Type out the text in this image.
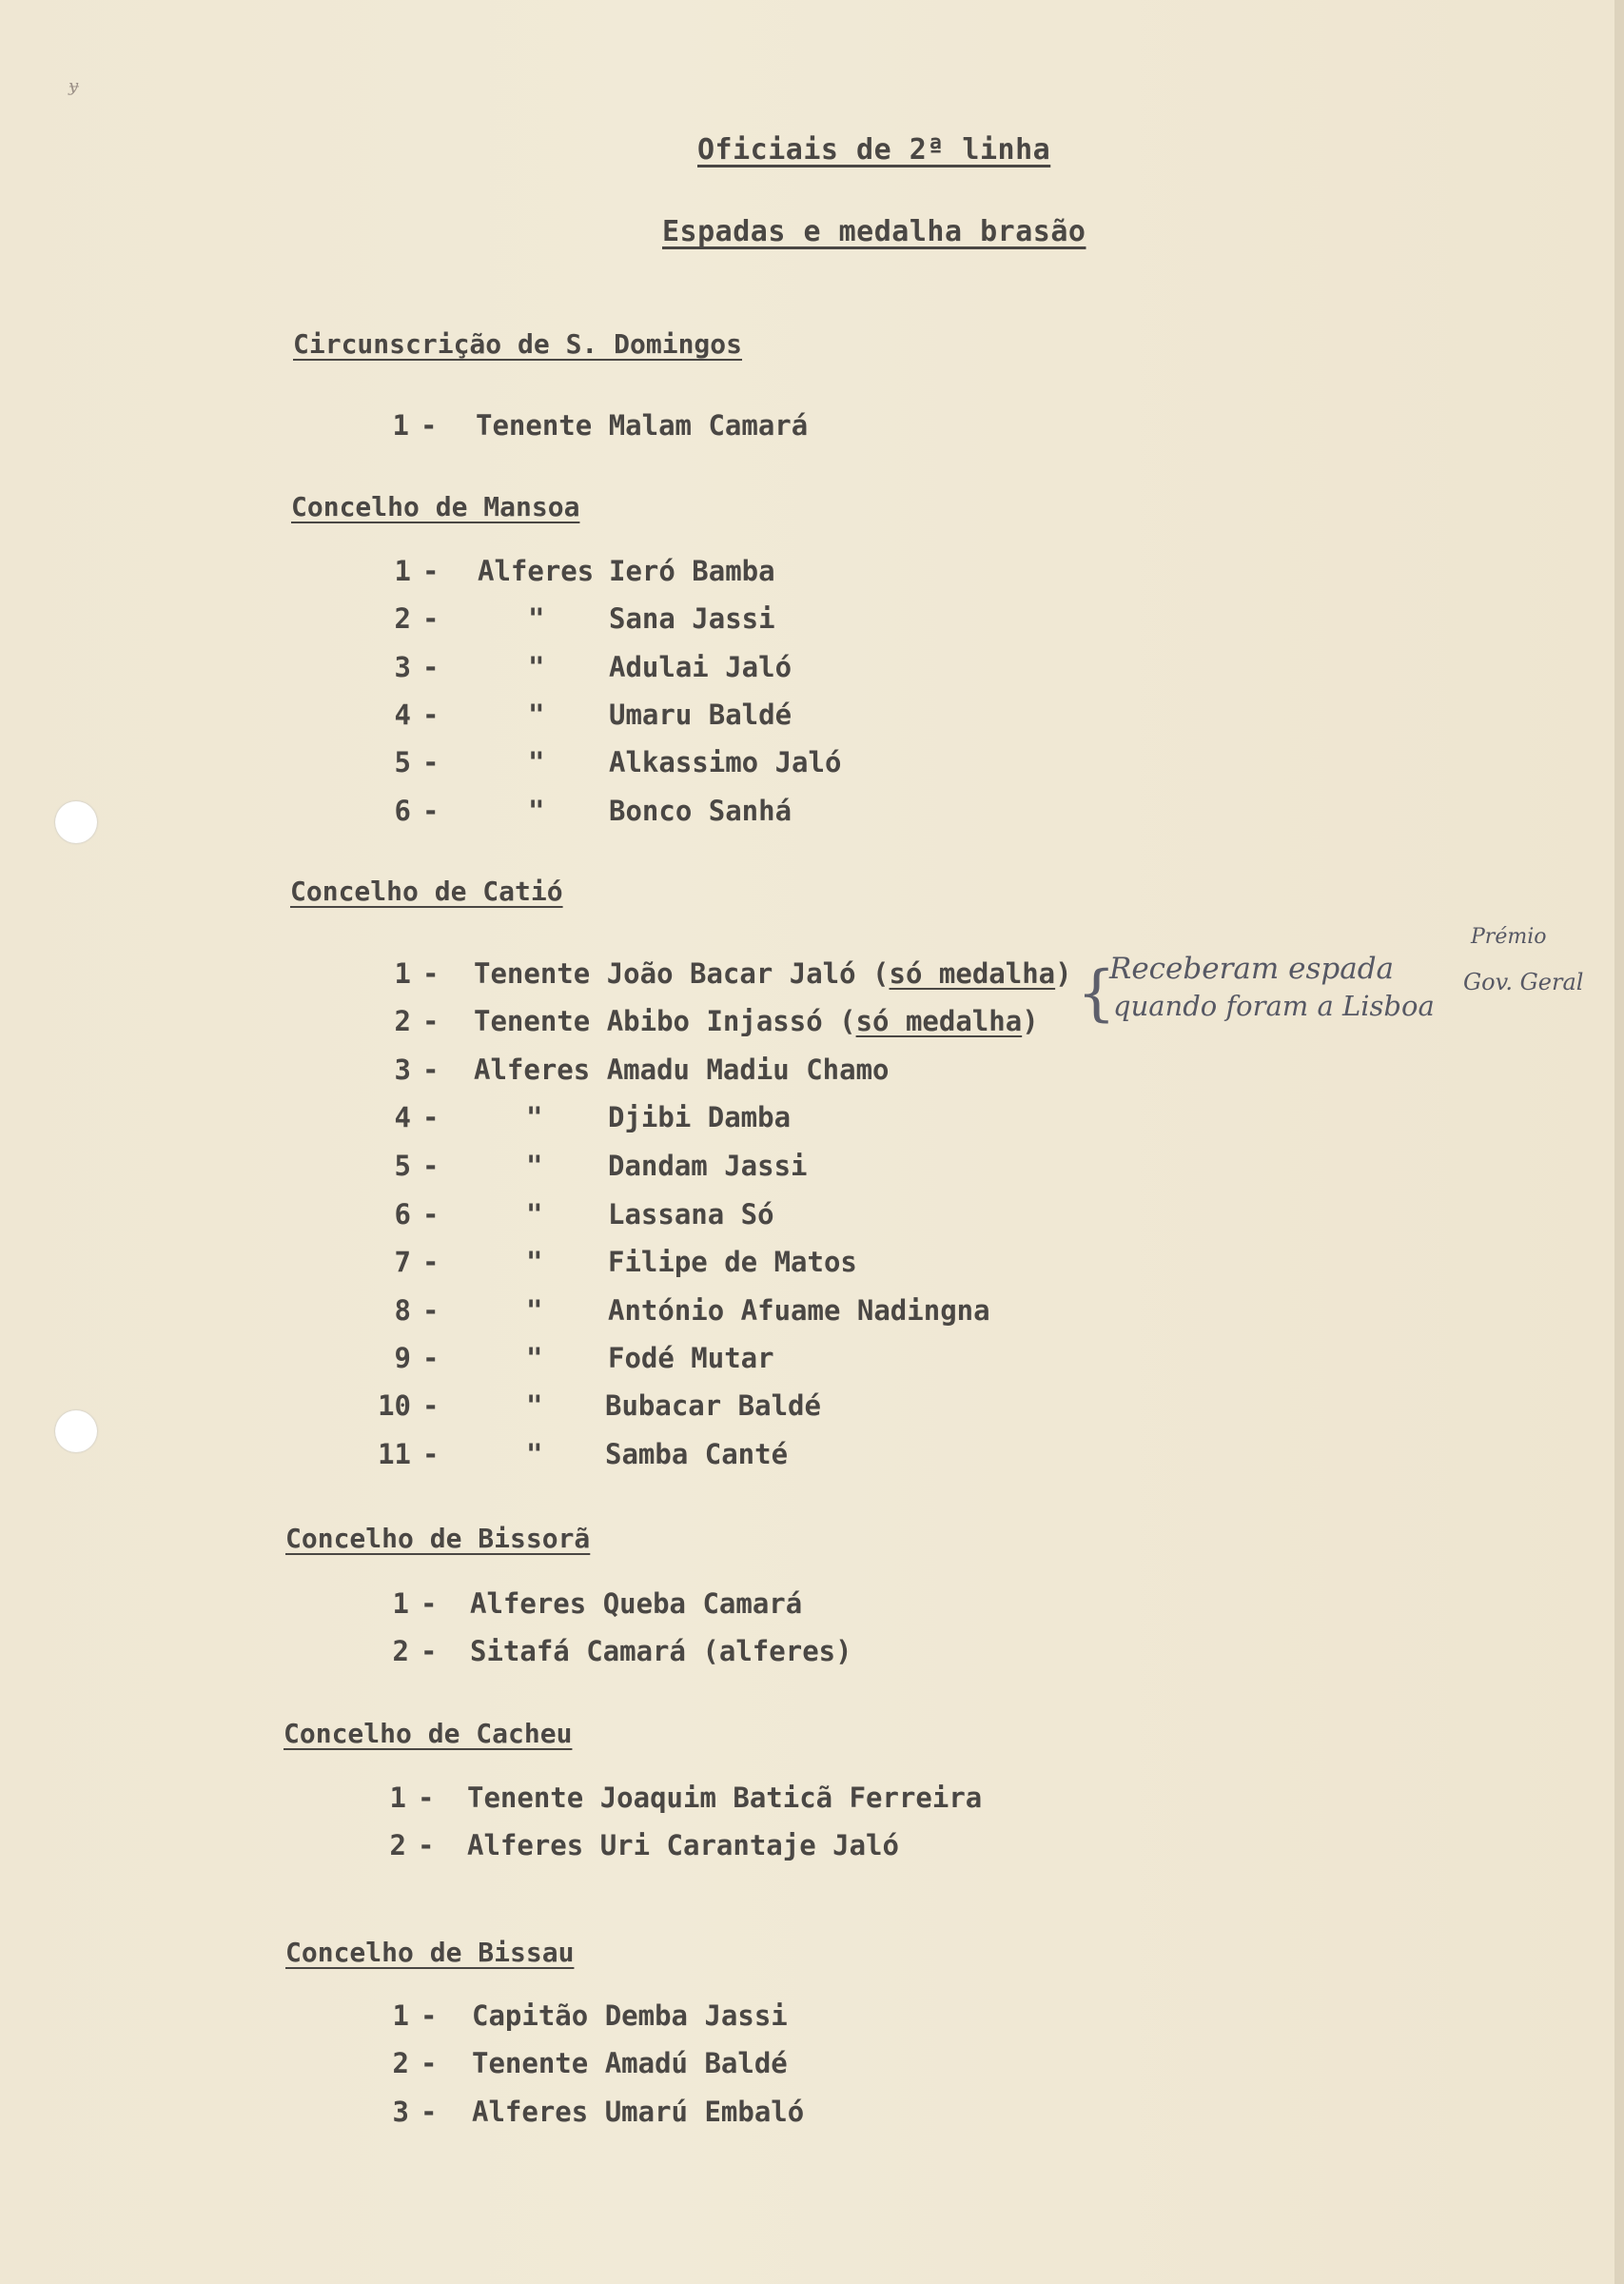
ɏ
Oficiais de 2ª linha
Espadas e medalha brasão
Circunscrição de S. Domingos
Concelho de Mansoa
Concelho de Catió
Concelho de Bissorã
Concelho de Cacheu
Concelho de Bissau
1 - Tenente Malam Camará
1 - Alferes Ieró Bamba
2 -	" Sana Jassi
3 -	" Adulai Jaló
4 -	" Umaru Baldé
5 -	" Alkassimo Jaló
6 -	" Bonco Sanhá
1 - Tenente João Bacar Jaló (só medalha)
2 - Tenente Abibo Injassó (só medalha)
3 - Alferes Amadu Madiu Chamo
4 -	" Djibi Damba
5 -	" Dandam Jassi
6 -	" Lassana Só
7 -	" Filipe de Matos
8 -	" António Afuame Nadingna
9 -	" Fodé Mutar
10 -	" Bubacar Baldé
11 -	" Samba Canté
{
Receberam espada
quando foram a Lisboa
Prémio
Gov. Geral
1 - Alferes Queba Camará
2 - Sitafá Camará (alferes)
1 - Tenente Joaquim Baticã Ferreira
2 - Alferes Uri Carantaje Jaló
1 - Capitão Demba Jassi
2 - Tenente Amadú Baldé
3 - Alferes Umarú Embaló
